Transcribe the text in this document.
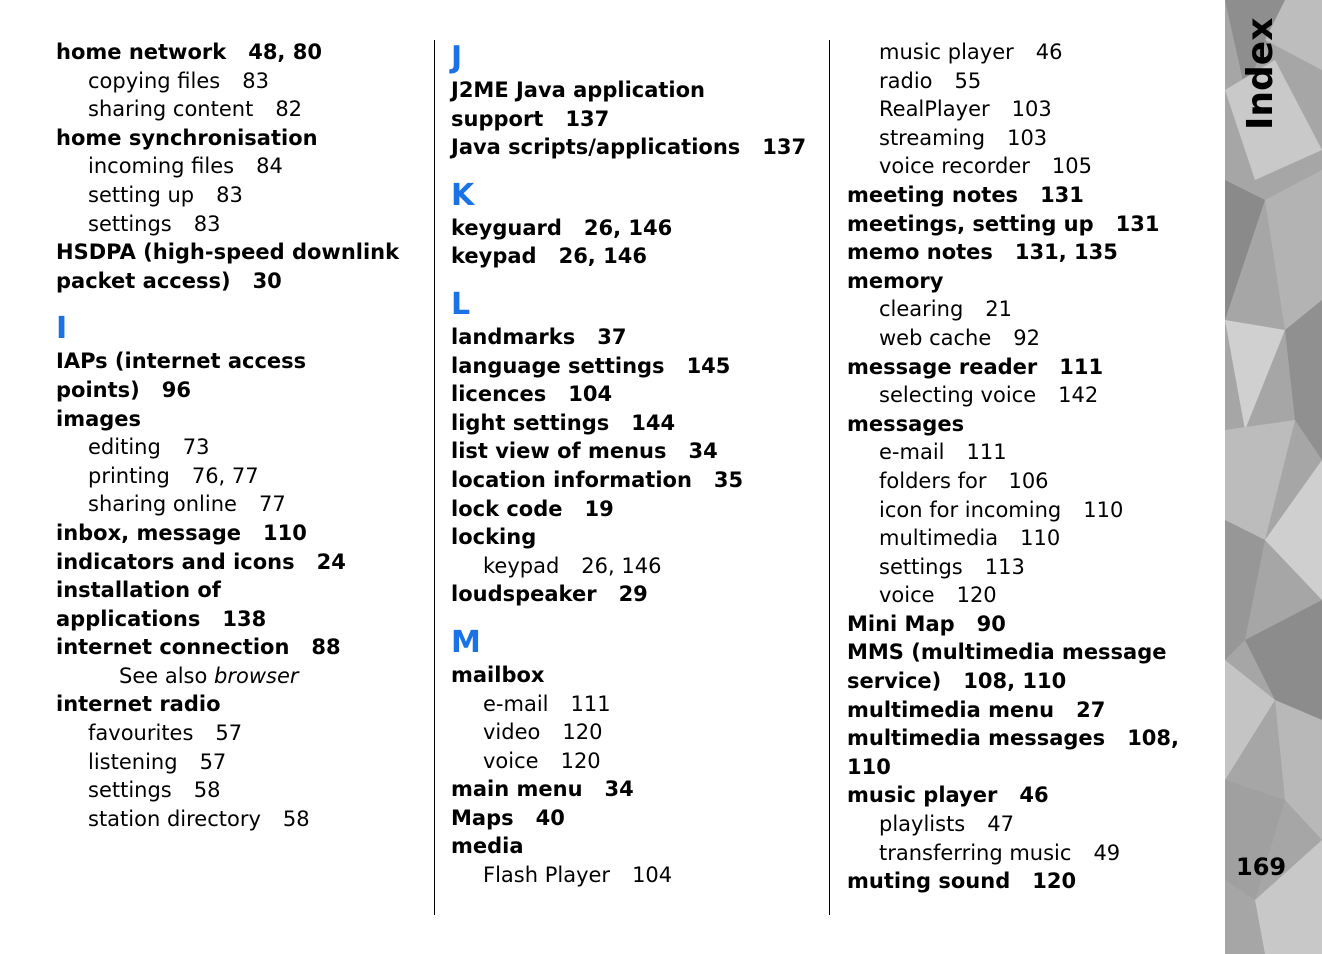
home network 48, 80
copying files 83
sharing content 82
home synchronisation
incoming files 84
setting up 83
settings 83
HSDPA (high-speed downlink packet access) 30
I
IAPs (internet access points) 96
images
editing 73
printing 76, 77
sharing online 77
inbox, message 110
indicators and icons 24
installation of applications 138
internet connection 88
See also browser
internet radio
favourites 57
listening 57
settings 58
station directory 58
J
J2ME Java application support 137
Java scripts/applications 137
K
keyguard 26, 146
keypad 26, 146
L
landmarks 37
language settings 145
licences 104
light settings 144
list view of menus 34
location information 35
lock code 19
locking
keypad 26, 146
loudspeaker 29
M
mailbox
e-mail 111
video 120
voice 120
main menu 34
Maps 40
media
Flash Player 104
music player 46
radio 55
RealPlayer 103
streaming 103
voice recorder 105
meeting notes 131
meetings, setting up 131
memo notes 131, 135
memory
clearing 21
web cache 92
message reader 111
selecting voice 142
messages
e-mail 111
folders for 106
icon for incoming 110
multimedia 110
settings 113
voice 120
Mini Map 90
MMS (multimedia message service) 108, 110
multimedia menu 27
multimedia messages 108, 110
music player 46
playlists 47
transferring music 49
muting sound 120
Index
169
